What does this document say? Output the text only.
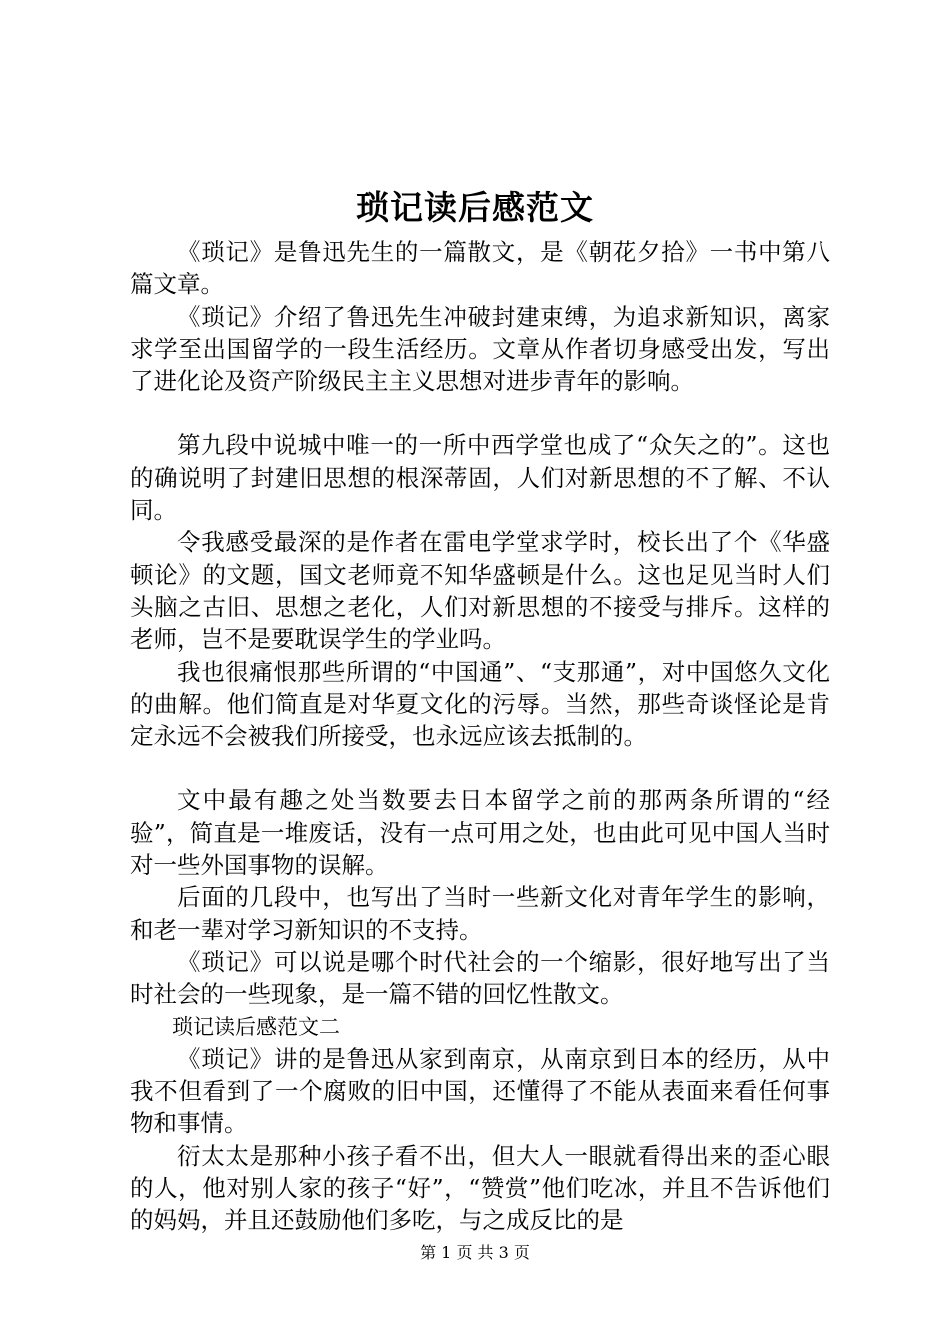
琐记读后感范文

《琐记》是鲁迅先生的一篇散文，是《朝花夕拾》一书中第八篇文章。

《琐记》介绍了鲁迅先生冲破封建束缚，为追求新知识，离家求学至出国留学的一段生活经历。文章从作者切身感受出发，写出了进化论及资产阶级民主主义思想对进步青年的影响。

第九段中说城中唯一的一所中西学堂也成了“众矢之的”。这也的确说明了封建旧思想的根深蒂固，人们对新思想的不了解、不认同。

令我感受最深的是作者在雷电学堂求学时，校长出了个《华盛顿论》的文题，国文老师竟不知华盛顿是什么。这也足见当时人们头脑之古旧、思想之老化，人们对新思想的不接受与排斥。这样的老师，岂不是要耽误学生的学业吗。

我也很痛恨那些所谓的“中国通”、“支那通”，对中国悠久文化的曲解。他们简直是对华夏文化的污辱。当然，那些奇谈怪论是肯定永远不会被我们所接受，也永远应该去抵制的。

文中最有趣之处当数要去日本留学之前的那两条所谓的“经验”，简直是一堆废话，没有一点可用之处，也由此可见中国人当时对一些外国事物的误解。

后面的几段中，也写出了当时一些新文化对青年学生的影响，和老一辈对学习新知识的不支持。

《琐记》可以说是哪个时代社会的一个缩影，很好地写出了当时社会的一些现象，是一篇不错的回忆性散文。

琐记读后感范文二

《琐记》讲的是鲁迅从家到南京，从南京到日本的经历，从中我不但看到了一个腐败的旧中国，还懂得了不能从表面来看任何事物和事情。

衍太太是那种小孩子看不出，但大人一眼就看得出来的歪心眼的人，他对别人家的孩子“好”，“赞赏”他们吃冰，并且不告诉他们的妈妈，并且还鼓励他们多吃，与之成反比的是

第 1 页 共 3 页
